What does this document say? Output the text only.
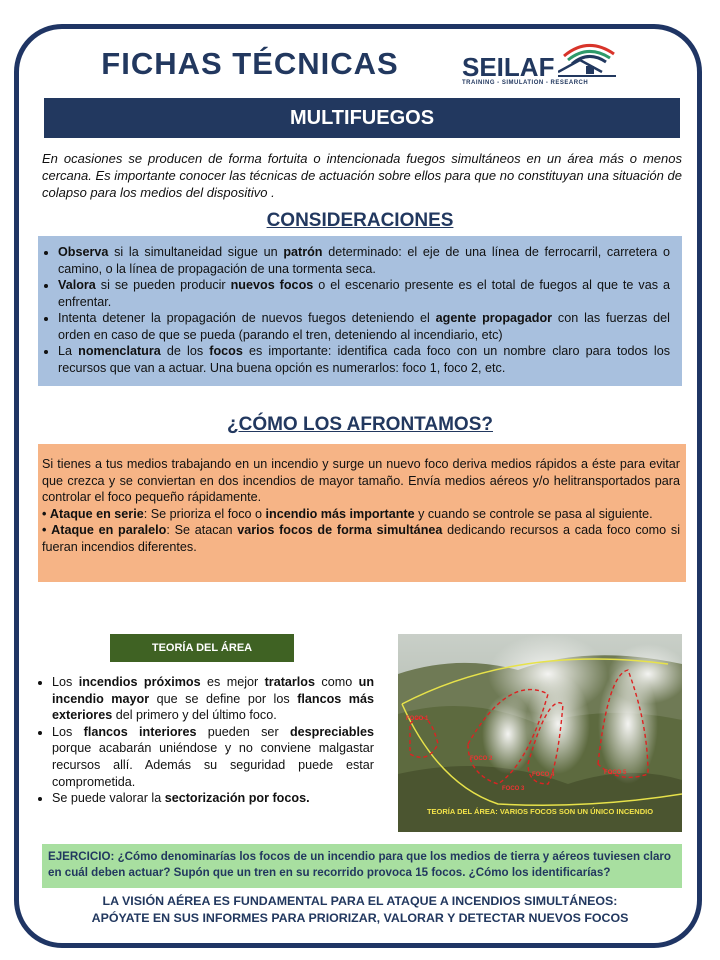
FICHAS TÉCNICAS	SEILAF
TRAINING - SIMULATION - RESEARCH
MULTIFUEGOS
En ocasiones se producen de forma fortuita o intencionada fuegos simultáneos en un área más o menos cercana. Es importante conocer las técnicas de actuación sobre ellos para que no constituyan una situación de colapso para los medios del dispositivo .
CONSIDERACIONES
• Observa si la simultaneidad sigue un patrón determinado: el eje de una línea de ferrocarril, carretera o camino, o la línea de propagación de una tormenta seca.
• Valora si se pueden producir nuevos focos o el escenario presente es el total de fuegos al que te vas a enfrentar.
• Intenta detener la propagación de nuevos fuegos deteniendo el agente propagador con las fuerzas del orden en caso de que se pueda (parando el tren, deteniendo al incendiario, etc)
• La nomenclatura de los focos es importante: identifica cada foco con un nombre claro para todos los recursos que van a actuar. Una buena opción es numerarlos: foco 1, foco 2, etc.
¿CÓMO LOS AFRONTAMOS?

Si tienes a tus medios trabajando en un incendio y surge un nuevo foco deriva medios rápidos a éste para evitar que crezca y se conviertan en dos incendios de mayor tamaño. Envía medios aéreos y/o helitransportados para controlar el foco pequeño rápidamente.

• Ataque en serie: Se prioriza el foco o incendio más importante y cuando se controle se pasa al siguiente.

• Ataque en paralelo: Se atacan varios focos de forma simultánea dedicando recursos a cada foco como si fueran incendios diferentes.

TEORÍA DEL ÁREA
• Los incendios próximos es mejor tratarlos como un incendio mayor que se define por los flancos más exteriores del primero y del último foco.
• Los flancos interiores pueden ser despreciables porque acabarán uniéndose y no conviene malgastar recursos allí. Además su seguridad puede estar comprometida.
• Se puede valorar la sectorización por focos.
FOCO 1
FOCO 2
FOCO 3
FOCO 4	FOCO 5
TEORÍA DEL ÁREA: VARIOS FOCOS SON UN ÚNICO INCENDIO
EJERCICIO: ¿Cómo denominarías los focos de un incendio para que los medios de tierra y aéreos tuviesen claro en cuál deben actuar? Supón que un tren en su recorrido provoca 15 focos. ¿Cómo los identificarías?
LA VISIÓN AÉREA ES FUNDAMENTAL PARA EL ATAQUE A INCENDIOS SIMULTÁNEOS:
APÓYATE EN SUS INFORMES PARA PRIORIZAR, VALORAR Y DETECTAR NUEVOS FOCOS
